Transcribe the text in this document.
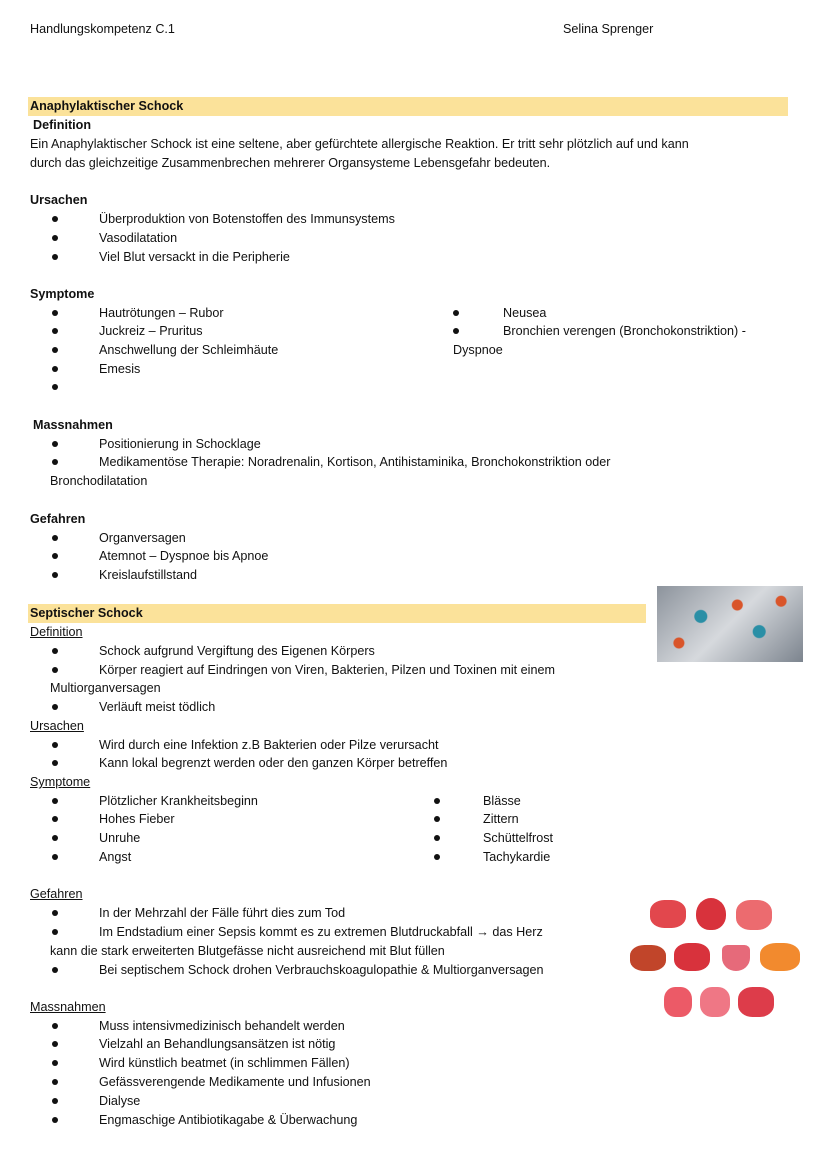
Handlungskompetenz C.1	Selina Sprenger
Anaphylaktischer Schock
Definition
Ein Anaphylaktischer Schock ist eine seltene, aber gefürchtete allergische Reaktion. Er tritt sehr plötzlich auf und kann
durch das gleichzeitige Zusammenbrechen mehrerer Organsysteme Lebensgefahr bedeuten.
Ursachen
Überproduktion von Botenstoffen des Immunsystems
Vasodilatation
Viel Blut versackt in die Peripherie
Symptome
Hautrötungen – Rubor
Juckreiz – Pruritus
Anschwellung der Schleimhäute
Emesis
Neusea
Bronchien verengen (Bronchokonstriktion) -
Dyspnoe
Massnahmen
Positionierung in Schocklage
Medikamentöse Therapie: Noradrenalin, Kortison, Antihistaminika, Bronchokonstriktion oder
Bronchodilatation
Gefahren
Organversagen
Atemnot – Dyspnoe bis Apnoe
Kreislaufstillstand
Septischer Schock
Definition
Schock aufgrund Vergiftung des Eigenen Körpers
Körper reagiert auf Eindringen von Viren, Bakterien, Pilzen und Toxinen mit einem
Multiorganversagen
Verläuft meist tödlich
Ursachen
Wird durch eine Infektion z.B Bakterien oder Pilze verursacht
Kann lokal begrenzt werden oder den ganzen Körper betreffen
Symptome
Plötzlicher Krankheitsbeginn
Hohes Fieber
Unruhe
Angst
Blässe
Zittern
Schüttelfrost
Tachykardie
Gefahren
In der Mehrzahl der Fälle führt dies zum Tod
Im Endstadium einer Sepsis kommt es zu extremen Blutdruckabfall → das Herz
kann die stark erweiterten Blutgefässe nicht ausreichend mit Blut füllen
Bei septischem Schock drohen Verbrauchskoagulopathie & Multiorganversagen
Massnahmen
Muss intensivmedizinisch behandelt werden
Vielzahl an Behandlungsansätzen ist nötig
Wird künstlich beatmet (in schlimmen Fällen)
Gefässverengende Medikamente und Infusionen
Dialyse
Engmaschige Antibiotikagabe & Überwachung
